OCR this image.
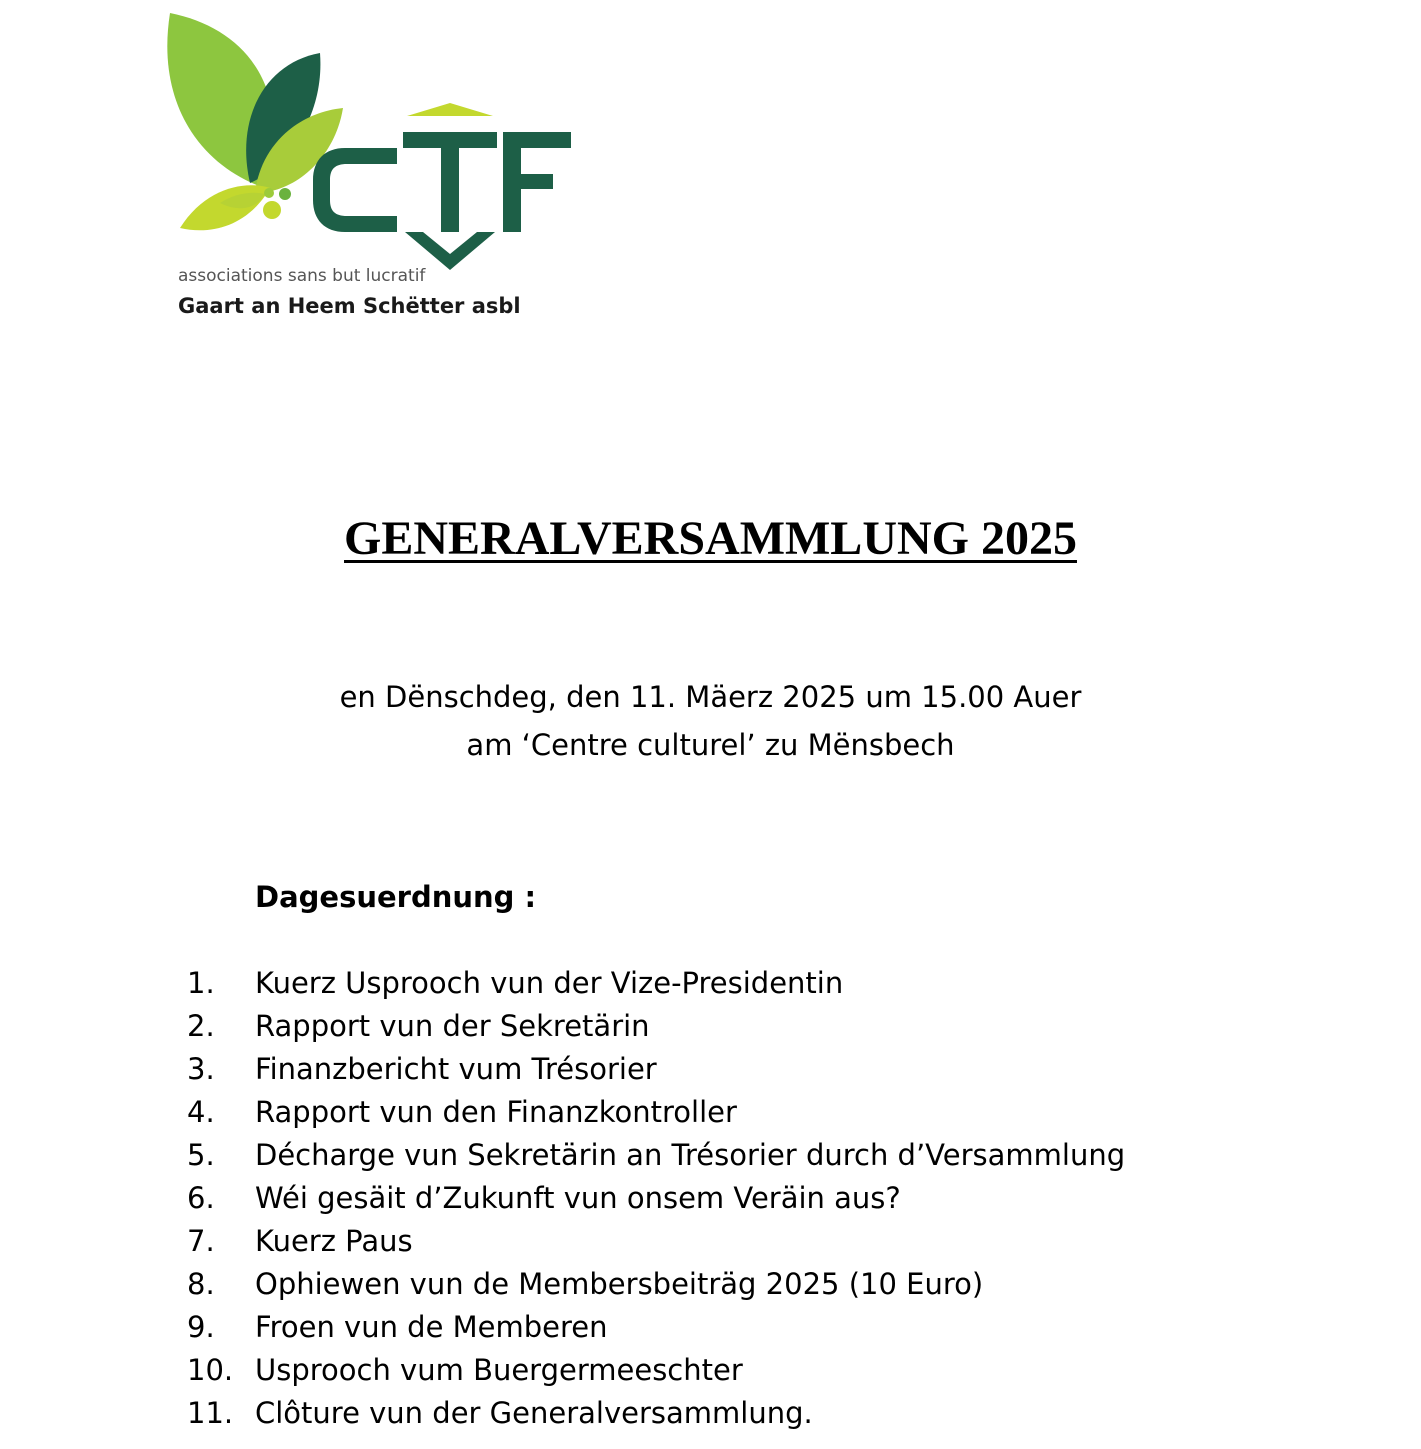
associations sans but lucratif
Gaart an Heem Schëtter asbl
GENERALVERSAMMLUNG 2025
en Dënschdeg, den 11. Mäerz 2025 um 15.00 Auer
am ‘Centre culturel’ zu Mënsbech
Dagesuerdnung :
1. Kuerz Usprooch vun der Vize-Presidentin
2. Rapport vun der Sekretärin
3. Finanzbericht vum Trésorier
4. Rapport vun den Finanzkontroller
5. Décharge vun Sekretärin an Trésorier durch d’Versammlung
6. Wéi gesäit d’Zukunft vun onsem Veräin aus?
7. Kuerz Paus
8. Ophiewen vun de Membersbeiträg 2025 (10 Euro)
9. Froen vun de Memberen
10. Usprooch vum Buergermeeschter
11. Clôture vun der Generalversammlung.
